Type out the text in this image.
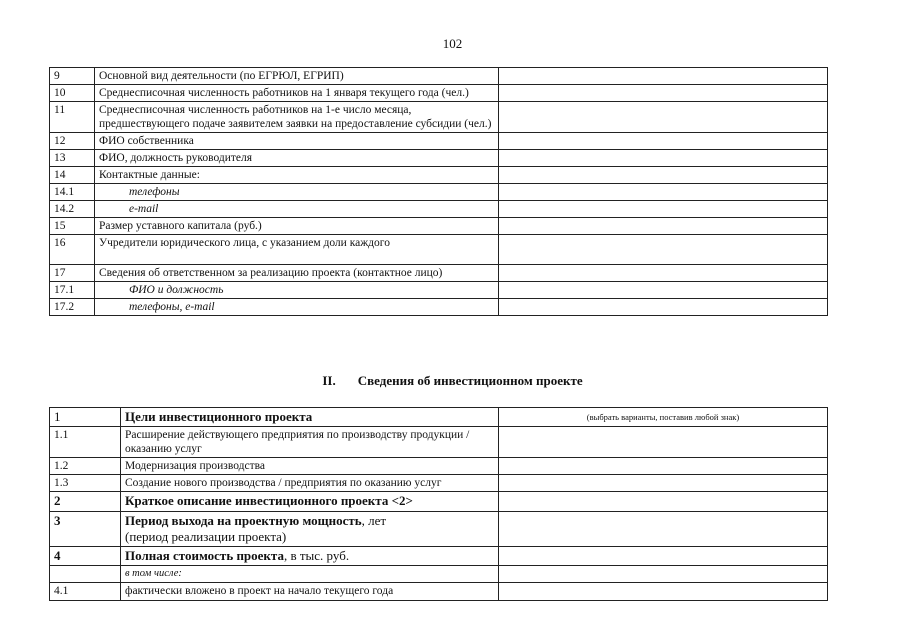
102
9	Основной вид деятельности (по ЕГРЮЛ, ЕГРИП)	
10	Среднесписочная численность работников на 1 января текущего года (чел.)	
11	Среднесписочная численность работников на 1-е число месяца, предшествующего подаче заявителем заявки на предоставление субсидии (чел.)	
12	ФИО собственника	
13	ФИО, должность руководителя	
14	Контактные данные:	
14.1	телефоны	
14.2	e-mail	
15	Размер уставного капитала (руб.)	
16	Учредители юридического лица, с указанием доли каждого	
17	Сведения об ответственном за реализацию проекта (контактное лицо)	
17.1	ФИО и должность	
17.2	телефоны, e-mail	
II. Сведения об инвестиционном проекте
1	Цели инвестиционного проекта	(выбрать варианты, поставив любой знак)
1.1	Расширение действующего предприятия по производству продукции / оказанию услуг	
1.2	Модернизация производства	
1.3	Создание нового производства / предприятия по оказанию услуг	
2	Краткое описание инвестиционного проекта <2>	
3	Период выхода на проектную мощность, лет
(период реализации проекта)	
4	Полная стоимость проекта, в тыс. руб.	
	в том числе:	
4.1	фактически вложено в проект на начало текущего года	
